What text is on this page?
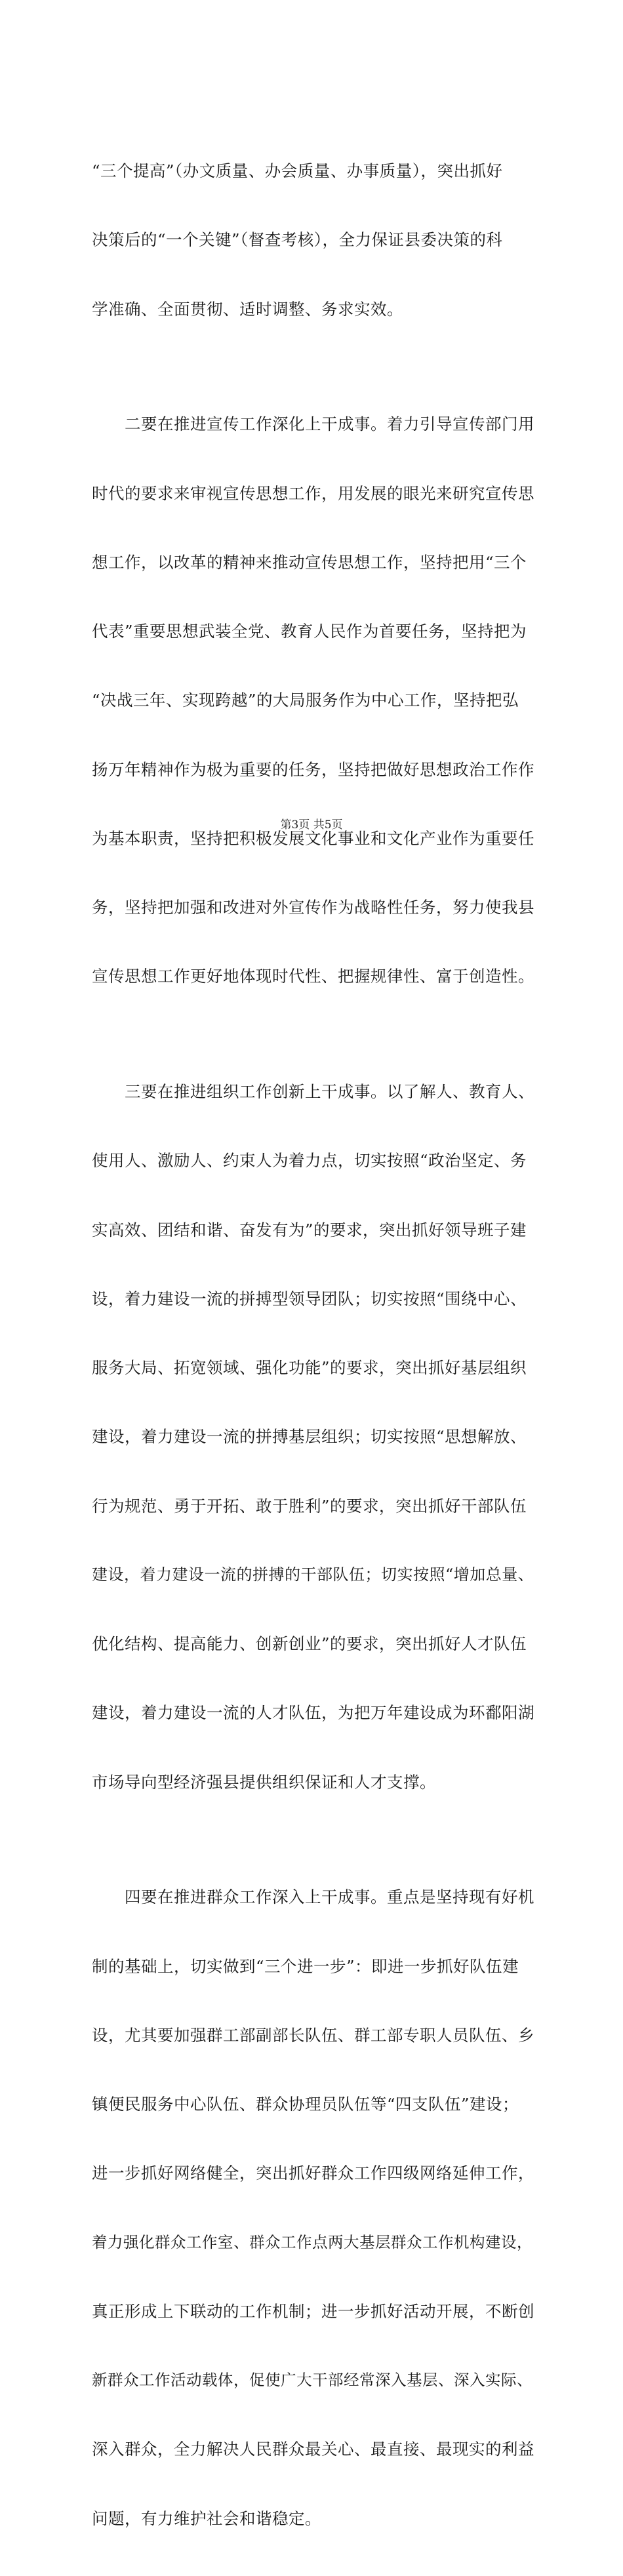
“三个提高”（办文质量、办会质量、办事质量），突出抓好

决策后的“一个关键”（督查考核），全力保证县委决策的科

学准确、全面贯彻、适时调整、务求实效。

　　二要在推进宣传工作深化上干成事。着力引导宣传部门用

时代的要求来审视宣传思想工作，用发展的眼光来研究宣传思

想工作，以改革的精神来推动宣传思想工作，坚持把用“三个

代表”重要思想武装全党、教育人民作为首要任务，坚持把为

“决战三年、实现跨越”的大局服务作为中心工作，坚持把弘

扬万年精神作为极为重要的任务，坚持把做好思想政治工作作

为基本职责，坚持把积极发展文化事业和文化产业作为重要任

务，坚持把加强和改进对外宣传作为战略性任务，努力使我县

宣传思想工作更好地体现时代性、把握规律性、富于创造性。

　　三要在推进组织工作创新上干成事。以了解人、教育人、

使用人、激励人、约束人为着力点，切实按照“政治坚定、务

实高效、团结和谐、奋发有为”的要求，突出抓好领导班子建

设，着力建设一流的拼搏型领导团队；切实按照“围绕中心、

服务大局、拓宽领域、强化功能”的要求，突出抓好基层组织

建设，着力建设一流的拼搏基层组织；切实按照“思想解放、

行为规范、勇于开拓、敢于胜利”的要求，突出抓好干部队伍

建设，着力建设一流的拼搏的干部队伍；切实按照“增加总量、

优化结构、提高能力、创新创业”的要求，突出抓好人才队伍

建设，着力建设一流的人才队伍，为把万年建设成为环鄱阳湖

市场导向型经济强县提供组织保证和人才支撑。

　　四要在推进群众工作深入上干成事。重点是坚持现有好机

制的基础上，切实做到“三个进一步”：即进一步抓好队伍建

设，尤其要加强群工部副部长队伍、群工部专职人员队伍、乡

镇便民服务中心队伍、群众协理员队伍等“四支队伍”建设；

进一步抓好网络健全，突出抓好群众工作四级网络延伸工作，

着力强化群众工作室、群众工作点两大基层群众工作机构建设，

真正形成上下联动的工作机制；进一步抓好活动开展，不断创

新群众工作活动载体，促使广大干部经常深入基层、深入实际、

深入群众，全力解决人民群众最关心、最直接、最现实的利益

问题，有力维护社会和谐稳定。

第3页 共5页
